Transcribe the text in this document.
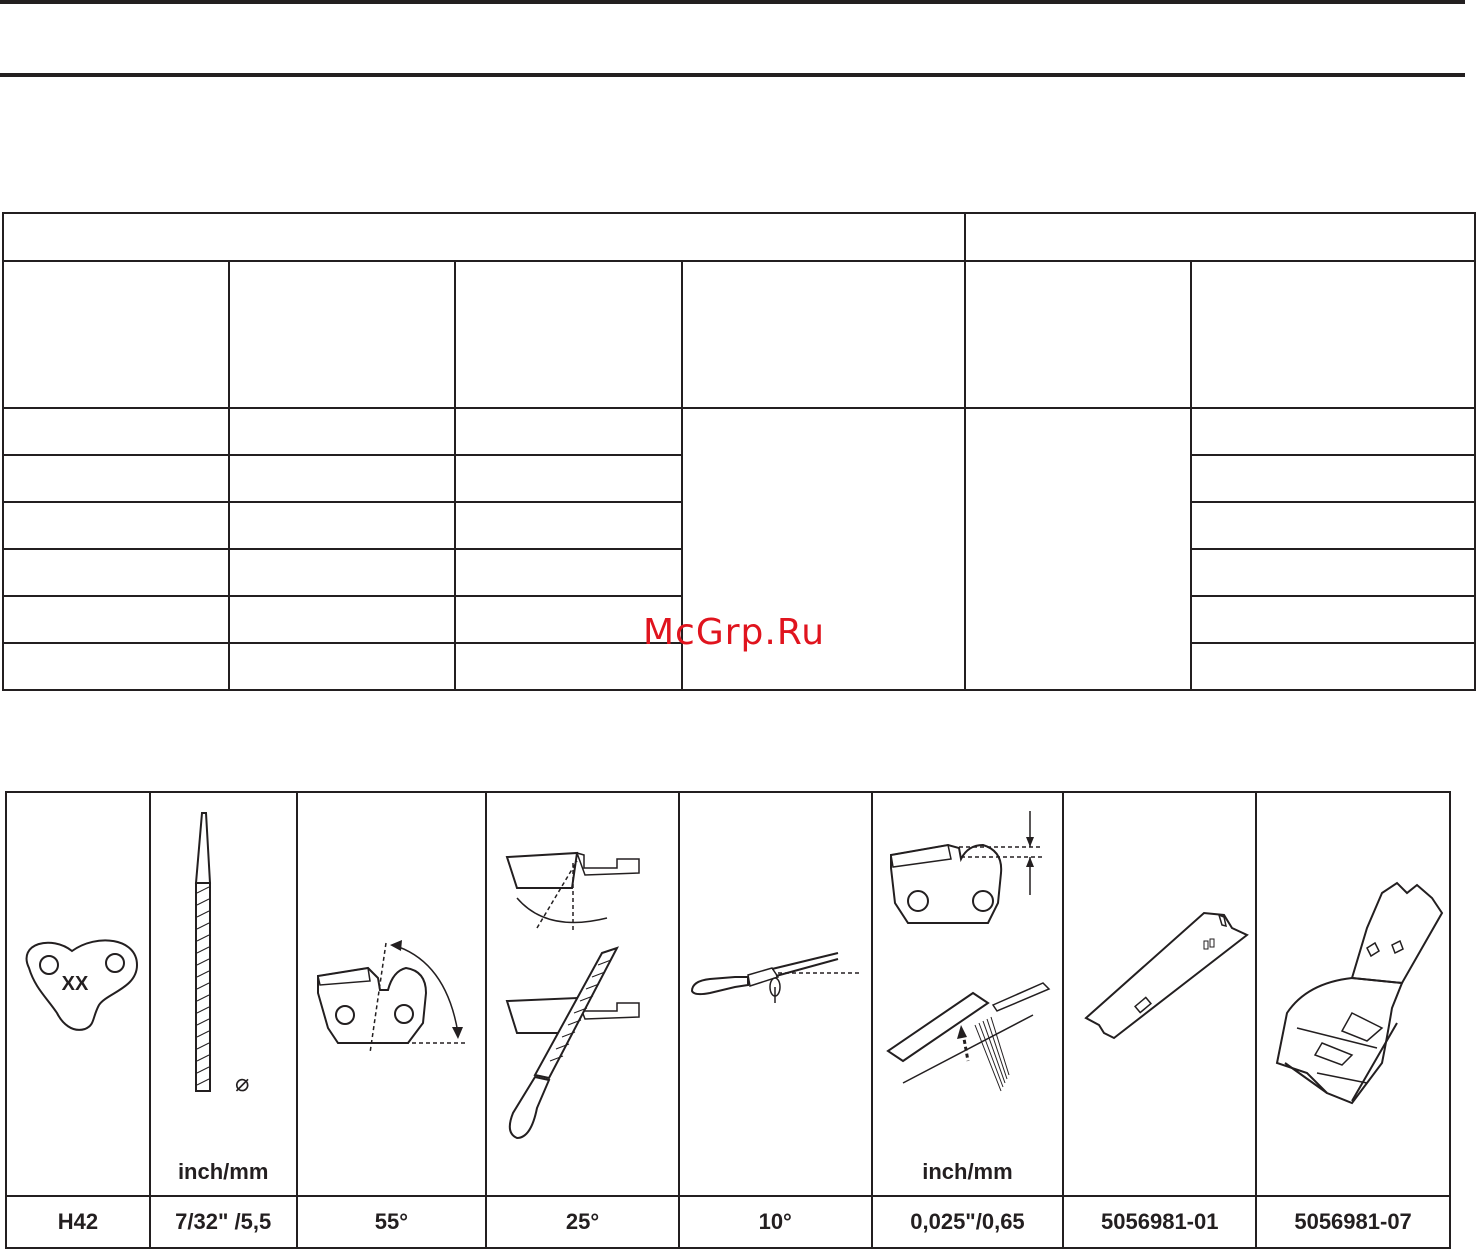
McGrp.Ru
XX	⌀
inch/mm				inch/mm

H42	7/32" /5,5	55°	25°	10°	0,025"/0,65	5056981-01	5056981-07
